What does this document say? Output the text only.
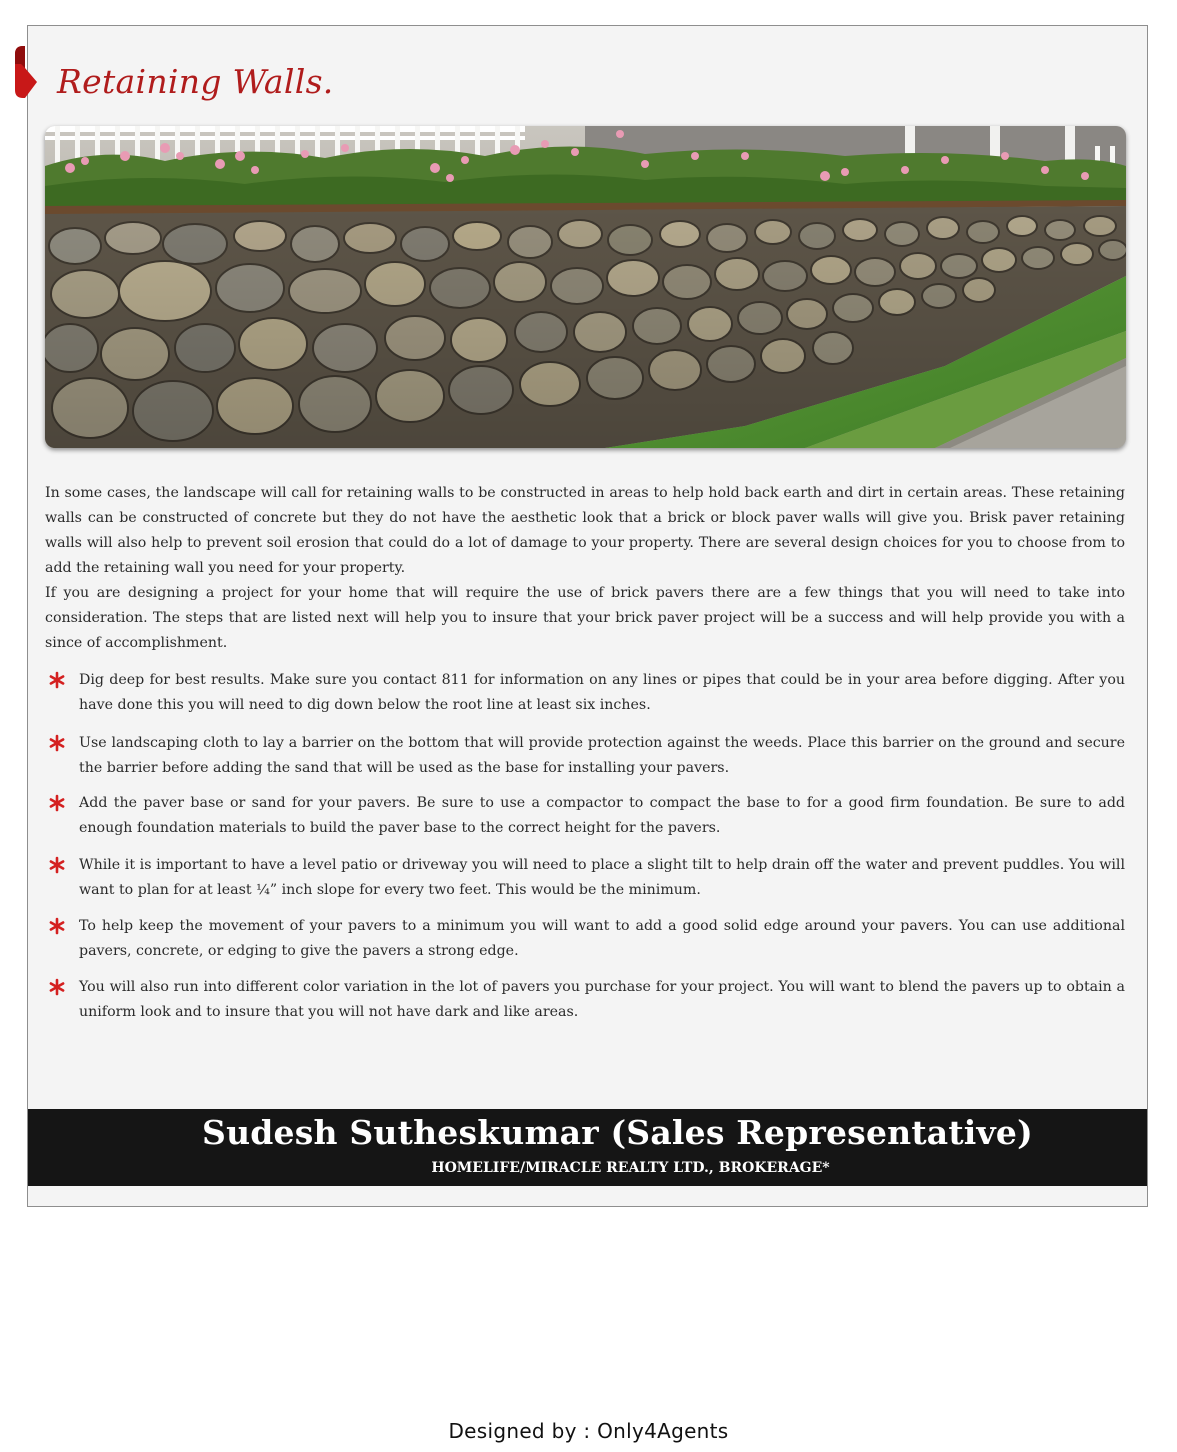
Retaining Walls.

In some cases, the landscape will call for retaining walls to be constructed in areas to help hold back earth and dirt in certain areas. These retaining walls can be constructed of concrete but they do not have the aesthetic look that a brick or block paver walls will give you. Brisk paver retaining walls will also help to prevent soil erosion that could do a lot of damage to your property. There are several design choices for you to choose from to add the retaining wall you need for your property.

If you are designing a project for your home that will require the use of brick pavers there are a few things that you will need to take into consideration. The steps that are listed next will help you to insure that your brick paver project will be a success and will help provide you with a since of accomplishment.

Dig deep for best results. Make sure you contact 811 for information on any lines or pipes that could be in your area before digging. After you have done this you will need to dig down below the root line at least six inches.
Use landscaping cloth to lay a barrier on the bottom that will provide protection against the weeds. Place this barrier on the ground and secure the barrier before adding the sand that will be used as the base for installing your pavers.
Add the paver base or sand for your pavers. Be sure to use a compactor to compact the base to for a good firm foundation. Be sure to add enough foundation materials to build the paver base to the correct height for the pavers.
While it is important to have a level patio or driveway you will need to place a slight tilt to help drain off the water and prevent puddles. You will want to plan for at least ¼” inch slope for every two feet. This would be the minimum.
To help keep the movement of your pavers to a minimum you will want to add a good solid edge around your pavers. You can use additional pavers, concrete, or edging to give the pavers a strong edge.
You will also run into different color variation in the lot of pavers you purchase for your project. You will want to blend the pavers up to obtain a uniform look and to insure that you will not have dark and like areas.
Sudesh Sutheskumar (Sales Representative)
HOMELIFE/MIRACLE REALTY LTD., BROKERAGE*
Designed by : Only4Agents
